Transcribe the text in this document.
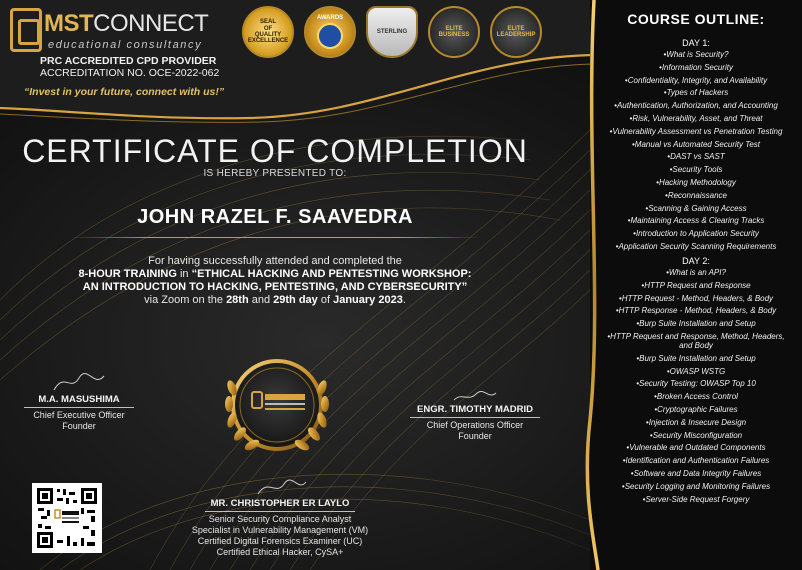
MSTCONNECT
educational consultancy
PRC ACCREDITED CPD PROVIDER
ACCREDITATION NO. OCE-2022-062
“Invest in your future, connect with us!”
SEAL
OF
QUALITY
EXCELLENCE
AWARDS
STERLING
ELITE
BUSINESS
ELITE
LEADERSHIP
CERTIFICATE OF COMPLETION
IS HEREBY PRESENTED TO:
JOHN RAZEL F. SAAVEDRA
For having successfully attended and completed the
8-HOUR TRAINING in “ETHICAL HACKING AND PENTESTING WORKSHOP:
AN INTRODUCTION TO HACKING, PENTESTING, AND CYBERSECURITY”
via Zoom on the 28th and 29th day of January 2023.
M.A. MASUSHIMA
Chief Executive Officer
Founder
ENGR. TIMOTHY MADRID
Chief Operations Officer
Founder
MR. CHRISTOPHER ER LAYLO
Senior Security Compliance Analyst
Specialist in Vulnerability Management (VM)
Certified Digital Forensics Examiner (UC)
Certified Ethical Hacker, CySA+
COURSE OUTLINE:
DAY 1:
• What is Security?
• Information Security
• Confidentiality, Integrity, and Availability
• Types of Hackers
• Authentication, Authorization, and Accounting
• Risk, Vulnerability, Asset, and Threat
• Vulnerability Assessment vs Penetration Testing
• Manual vs Automated Security Test
• DAST vs SAST
• Security Tools
• Hacking Methodology
• Reconnaissance
• Scanning & Gaining Access
• Maintaining Access & Clearing Tracks
• Introduction to Application Security
• Application Security Scanning Requirements
DAY 2:
• What is an API?
• HTTP Request and Response
• HTTP Request - Method, Headers, & Body
• HTTP Response - Method, Headers, & Body
• Burp Suite Installation and Setup
• HTTP Request and Response, Method, Headers, and Body
• Burp Suite Installation and Setup
• OWASP WSTG
• Security Testing: OWASP Top 10
• Broken Access Control
• Cryptographic Failures
• Injection & Insecure Design
• Security Misconfiguration
• Vulnerable and Outdated Components
• Identification and Authentication Failures
• Software and Data Integrity Failures
• Security Logging and Monitoring Failures
• Server-Side Request Forgery
